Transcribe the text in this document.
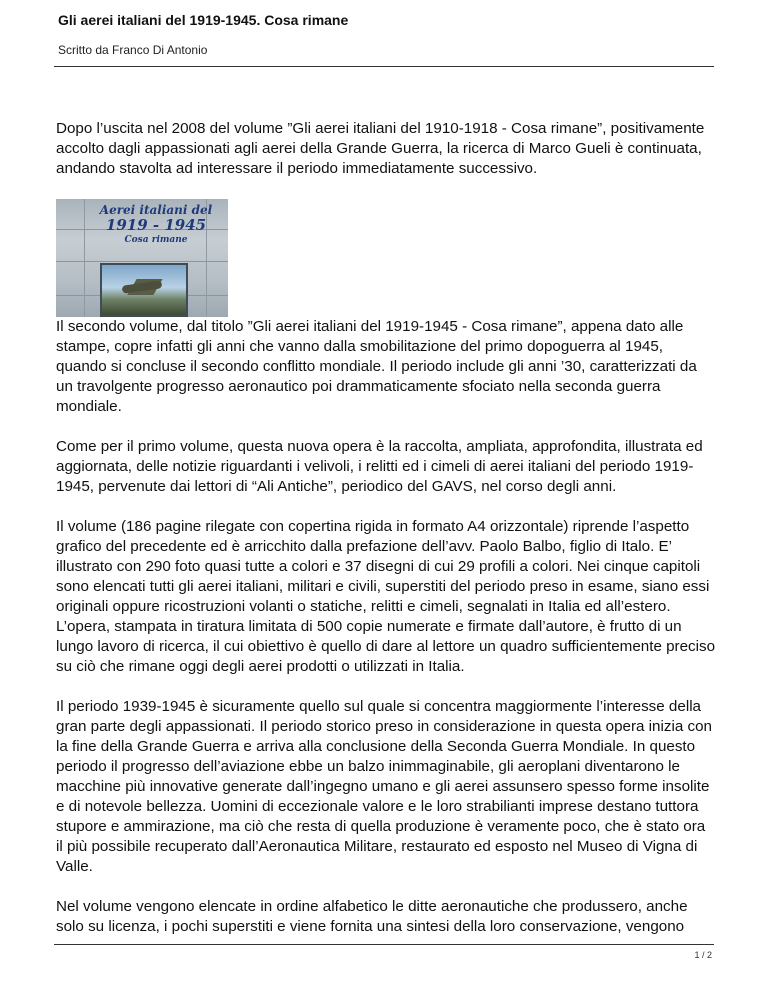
Gli aerei italiani del 1919-1945. Cosa rimane
Scritto da Franco Di Antonio

Dopo l’uscita nel 2008 del volume ”Gli aerei italiani del 1910-1918 - Cosa rimane”, positivamente accolto dagli appassionati agli aerei della Grande Guerra, la ricerca di Marco Gueli è continuata, andando stavolta ad interessare il periodo immediatamente successivo.

Aerei italiani del
1919 - 1945
Cosa rimane

Il secondo volume, dal titolo ”Gli aerei italiani del 1919-1945 - Cosa rimane”, appena dato alle stampe, copre infatti gli anni che vanno dalla smobilitazione del primo dopoguerra al 1945, quando si concluse il secondo conflitto mondiale. Il periodo include gli anni ’30, caratterizzati da un travolgente progresso aeronautico poi drammaticamente sfociato nella seconda guerra mondiale.

Come per il primo volume, questa nuova opera è la raccolta, ampliata, approfondita, illustrata ed aggiornata, delle notizie riguardanti i velivoli, i relitti ed i cimeli di aerei italiani del periodo 1919-1945, pervenute dai lettori di “Ali Antiche”, periodico del GAVS, nel corso degli anni.

Il volume (186 pagine rilegate con copertina rigida in formato A4 orizzontale) riprende l’aspetto grafico del precedente ed è arricchito dalla prefazione dell’avv. Paolo Balbo, figlio di Italo. E’ illustrato con 290 foto quasi tutte a colori e 37 disegni di cui 29 profili a colori. Nei cinque capitoli sono elencati tutti gli aerei italiani, militari e civili, superstiti del periodo preso in esame, siano essi originali oppure ricostruzioni volanti o statiche, relitti e cimeli, segnalati in Italia ed all’estero. L’opera, stampata in tiratura limitata di 500 copie numerate e firmate dall’autore, è frutto di un lungo lavoro di ricerca, il cui obiettivo è quello di dare al lettore un quadro sufficientemente preciso su ciò che rimane oggi degli aerei prodotti o utilizzati in Italia.

Il periodo 1939-1945 è sicuramente quello sul quale si concentra maggiormente l’interesse della gran parte degli appassionati. Il periodo storico preso in considerazione in questa opera inizia con la fine della Grande Guerra e arriva alla conclusione della Seconda Guerra Mondiale. In questo periodo il progresso dell’aviazione ebbe un balzo inimmaginabile, gli aeroplani diventarono le macchine più innovative generate dall’ingegno umano e gli aerei assunsero spesso forme insolite e di notevole bellezza. Uomini di eccezionale valore e le loro strabilianti imprese destano tuttora stupore e ammirazione, ma ciò che resta di quella produzione è veramente poco, che è stato ora il più possibile recuperato dall’Aeronautica Militare, restaurato ed esposto nel Museo di Vigna di Valle.

Nel volume vengono elencate in ordine alfabetico le ditte aeronautiche che produssero, anche solo su licenza, i pochi superstiti e viene fornita una sintesi della loro conservazione, vengono

1 / 2
